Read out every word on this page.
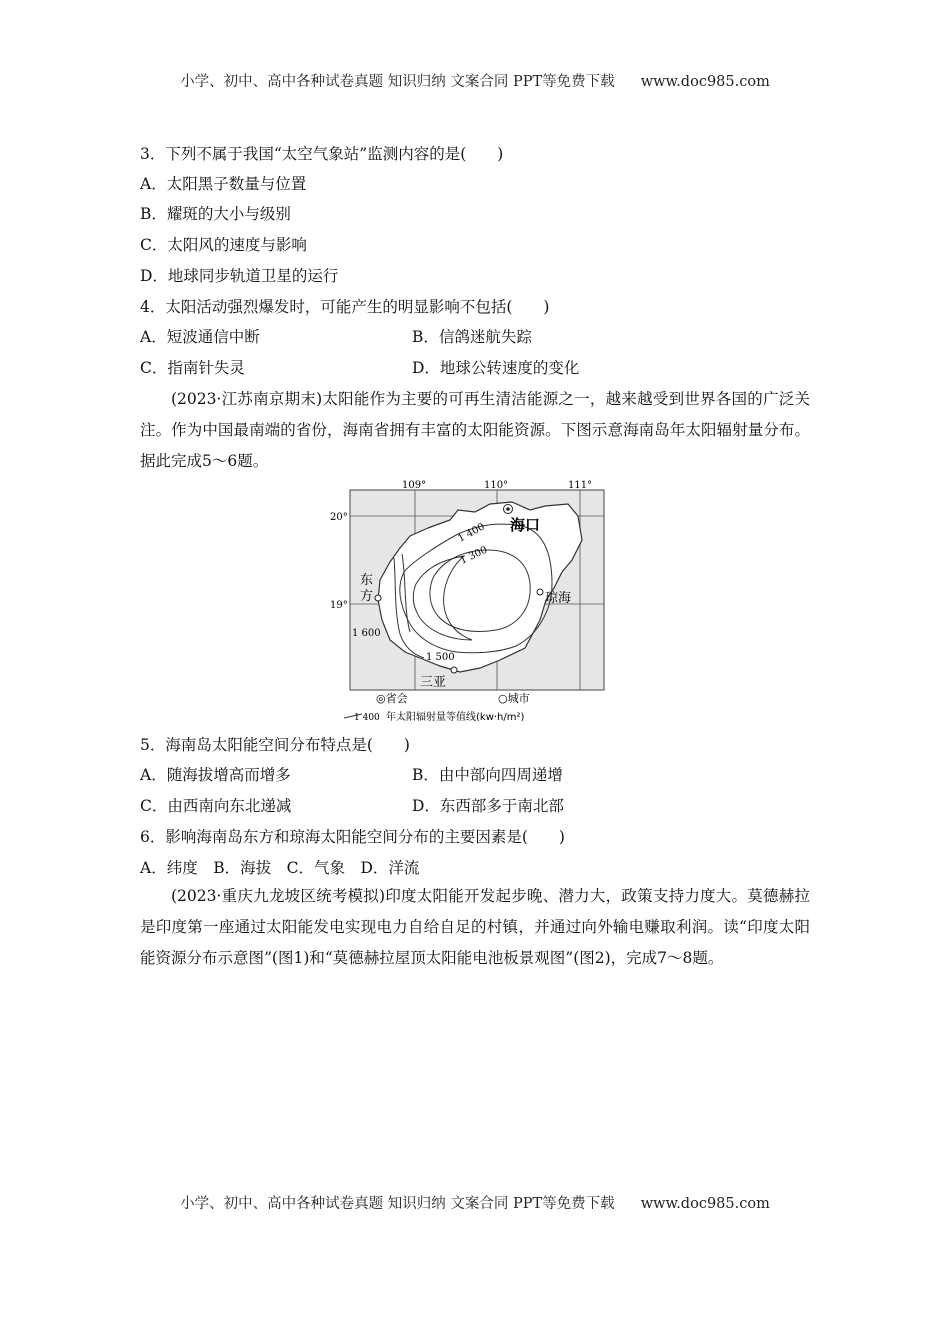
小学、初中、高中各种试卷真题 知识归纳 文案合同 PPT等免费下载 www.doc985.com
3．下列不属于我国“太空气象站”监测内容的是(　　)
A．太阳黑子数量与位置
B．耀斑的大小与级别
C．太阳风的速度与影响
D．地球同步轨道卫星的运行
4．太阳活动强烈爆发时，可能产生的明显影响不包括(　　)
A．短波通信中断	B．信鸽迷航失踪
C．指南针失灵	D．地球公转速度的变化
(2023·江苏南京期末)太阳能作为主要的可再生清洁能源之一，越来越受到世界各国的广泛关注。作为中国最南端的省份，海南省拥有丰富的太阳能资源。下图示意海南岛年太阳辐射量分布。据此完成5～6题。
1 400
1 300
1 600
1 500
109°	110°	111°
20°
19°
海口
东
方	琼海
三亚
◎省会	○城市
1 400 年太阳辐射量等值线(kw·h/m²)
5．海南岛太阳能空间分布特点是(　　)
A．随海拔增高而增多	B．由中部向四周递增
C．由西南向东北递减	D．东西部多于南北部
6．影响海南岛东方和琼海太阳能空间分布的主要因素是(　　)
A．纬度　B．海拔　C．气象　D．洋流
(2023·重庆九龙坡区统考模拟)印度太阳能开发起步晚、潜力大，政策支持力度大。莫德赫拉是印度第一座通过太阳能发电实现电力自给自足的村镇，并通过向外输电赚取利润。读“印度太阳能资源分布示意图”(图1)和“莫德赫拉屋顶太阳能电池板景观图”(图2)，完成7～8题。
小学、初中、高中各种试卷真题 知识归纳 文案合同 PPT等免费下载 www.doc985.com
